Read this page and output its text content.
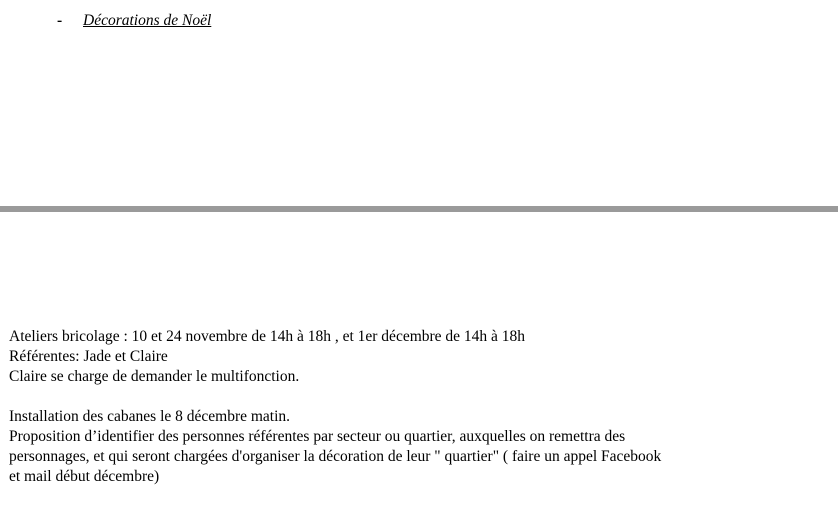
- Décorations de Noël

Ateliers bricolage : 10 et 24 novembre de 14h à 18h , et 1er décembre de 14h à 18h

Référentes: Jade et Claire

Claire se charge de demander le multifonction.

Installation des cabanes le 8 décembre matin.

Proposition d’identifier des personnes référentes par secteur ou quartier, auxquelles on remettra des

personnages, et qui seront chargées d'organiser la décoration de leur " quartier" ( faire un appel Facebook

et mail début décembre)
